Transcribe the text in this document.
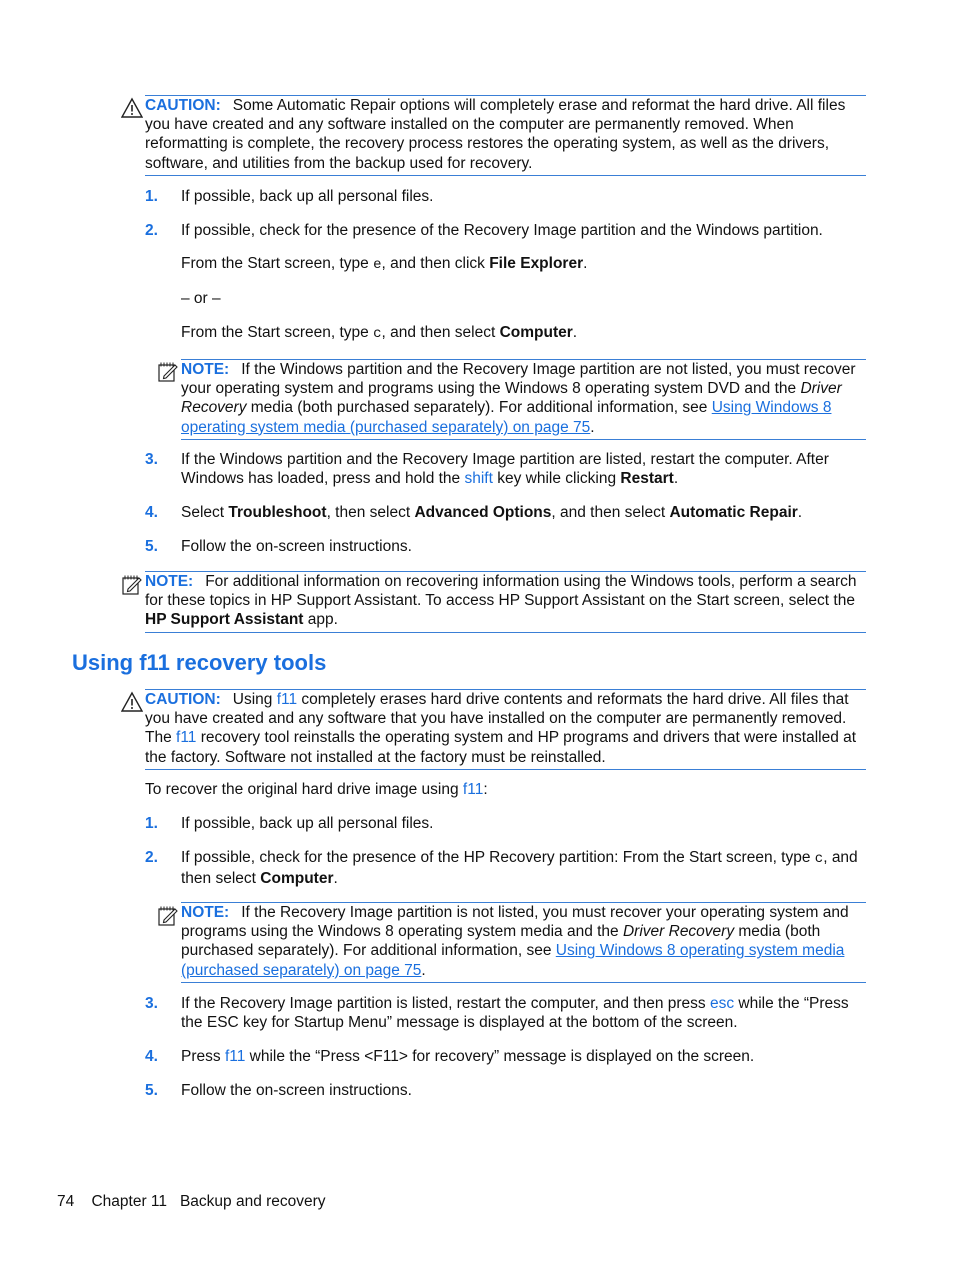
CAUTION: Some Automatic Repair options will completely erase and reformat the hard drive. All files you have created and any software installed on the computer are permanently removed. When reformatting is complete, the recovery process restores the operating system, as well as the drivers, software, and utilities from the backup used for recovery.
1. If possible, back up all personal files.
2. If possible, check for the presence of the Recovery Image partition and the Windows partition.
From the Start screen, type e, and then click File Explorer.
– or –
From the Start screen, type c, and then select Computer.
NOTE: If the Windows partition and the Recovery Image partition are not listed, you must recover your operating system and programs using the Windows 8 operating system DVD and the Driver Recovery media (both purchased separately). For additional information, see Using Windows 8 operating system media (purchased separately) on page 75.
3. If the Windows partition and the Recovery Image partition are listed, restart the computer. After Windows has loaded, press and hold the shift key while clicking Restart.
4. Select Troubleshoot, then select Advanced Options, and then select Automatic Repair.
5. Follow the on-screen instructions.
NOTE: For additional information on recovering information using the Windows tools, perform a search for these topics in HP Support Assistant. To access HP Support Assistant on the Start screen, select the HP Support Assistant app.
Using f11 recovery tools
CAUTION: Using f11 completely erases hard drive contents and reformats the hard drive. All files that you have created and any software that you have installed on the computer are permanently removed. The f11 recovery tool reinstalls the operating system and HP programs and drivers that were installed at the factory. Software not installed at the factory must be reinstalled.
To recover the original hard drive image using f11:
1. If possible, back up all personal files.
2. If possible, check for the presence of the HP Recovery partition: From the Start screen, type c, and then select Computer.
NOTE: If the Recovery Image partition is not listed, you must recover your operating system and programs using the Windows 8 operating system media and the Driver Recovery media (both purchased separately). For additional information, see Using Windows 8 operating system media (purchased separately) on page 75.
3. If the Recovery Image partition is listed, restart the computer, and then press esc while the “Press the ESC key for Startup Menu” message is displayed at the bottom of the screen.
4. Press f11 while the “Press <F11> for recovery” message is displayed on the screen.
5. Follow the on-screen instructions.
74 Chapter 11 Backup and recovery
